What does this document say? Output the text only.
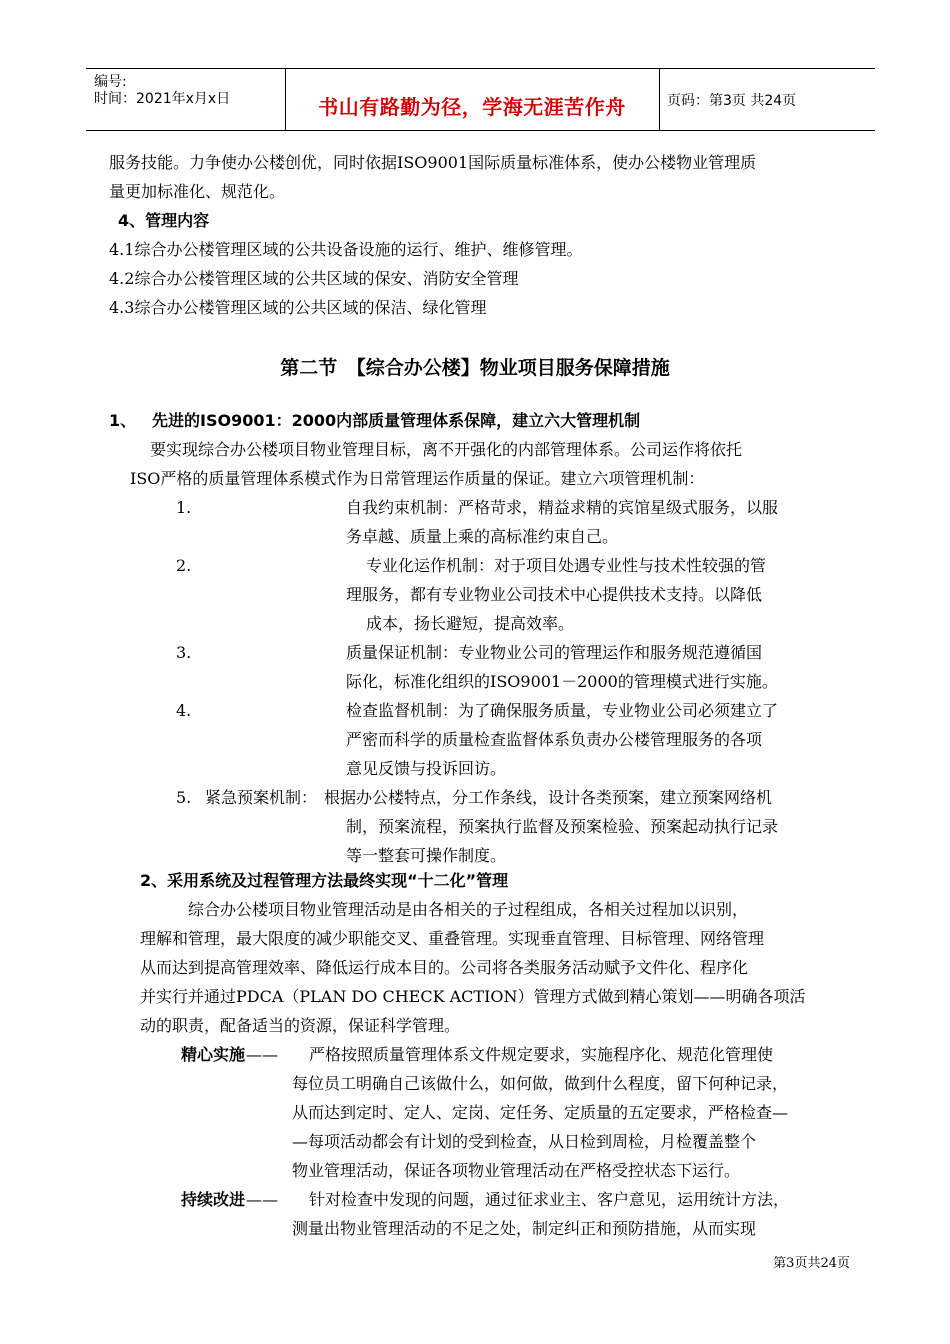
编号:
时间：2021年x月x日	书山有路勤为径，学海无涯苦作舟	页码：第3页 共24页
服务技能。力争使办公楼创优，同时依据ISO9001国际质量标准体系，使办公楼物业管理质
量更加标准化、规范化。
4、管理内容
4.1综合办公楼管理区域的公共设备设施的运行、维护、维修管理。
4.2综合办公楼管理区域的公共区域的保安、消防安全管理
4.3综合办公楼管理区域的公共区域的保洁、绿化管理
第二节　【综合办公楼】物业项目服务保障措施
1、 先进的ISO9001：2000内部质量管理体系保障，建立六大管理机制
要实现综合办公楼项目物业管理目标，离不开强化的内部管理体系。公司运作将依托
ISO严格的质量管理体系模式作为日常管理运作质量的保证。建立六项管理机制：
1.	自我约束机制：严格苛求，精益求精的宾馆星级式服务，以服
务卓越、质量上乘的高标准约束自己。
2.	专业化运作机制：对于项目处遇专业性与技术性较强的管
理服务，都有专业物业公司技术中心提供技术支持。以降低
成本，扬长避短，提高效率。
3.	质量保证机制：专业物业公司的管理运作和服务规范遵循国
际化，标准化组织的ISO9001－2000的管理模式进行实施。
4.	检查监督机制：为了确保服务质量，专业物业公司必须建立了
严密而科学的质量检查监督体系负责办公楼管理服务的各项
意见反馈与投诉回访。
5. 紧急预案机制： 根据办公楼特点，分工作条线，设计各类预案，建立预案网络机
制，预案流程，预案执行监督及预案检验、预案起动执行记录
等一整套可操作制度。
2、采用系统及过程管理方法最终实现“十二化”管理
综合办公楼项目物业管理活动是由各相关的子过程组成，各相关过程加以识别，
理解和管理，最大限度的减少职能交叉、重叠管理。实现垂直管理、目标管理、网络管理
从而达到提高管理效率、降低运行成本目的。公司将各类服务活动赋予文件化、程序化
并实行并通过PDCA（PLAN DO CHECK ACTION）管理方式做到精心策划——明确各项活
动的职责，配备适当的资源，保证科学管理。
精心实施 —— 严格按照质量管理体系文件规定要求，实施程序化、规范化管理使
每位员工明确自己该做什么，如何做，做到什么程度，留下何种记录，
从而达到定时、定人、定岗、定任务、定质量的五定要求，严格检查—
—每项活动都会有计划的受到检查，从日检到周检，月检覆盖整个
物业管理活动，保证各项物业管理活动在严格受控状态下运行。
持续改进 —— 针对检查中发现的问题，通过征求业主、客户意见，运用统计方法，
测量出物业管理活动的不足之处，制定纠正和预防措施，从而实现
第3页共24页
